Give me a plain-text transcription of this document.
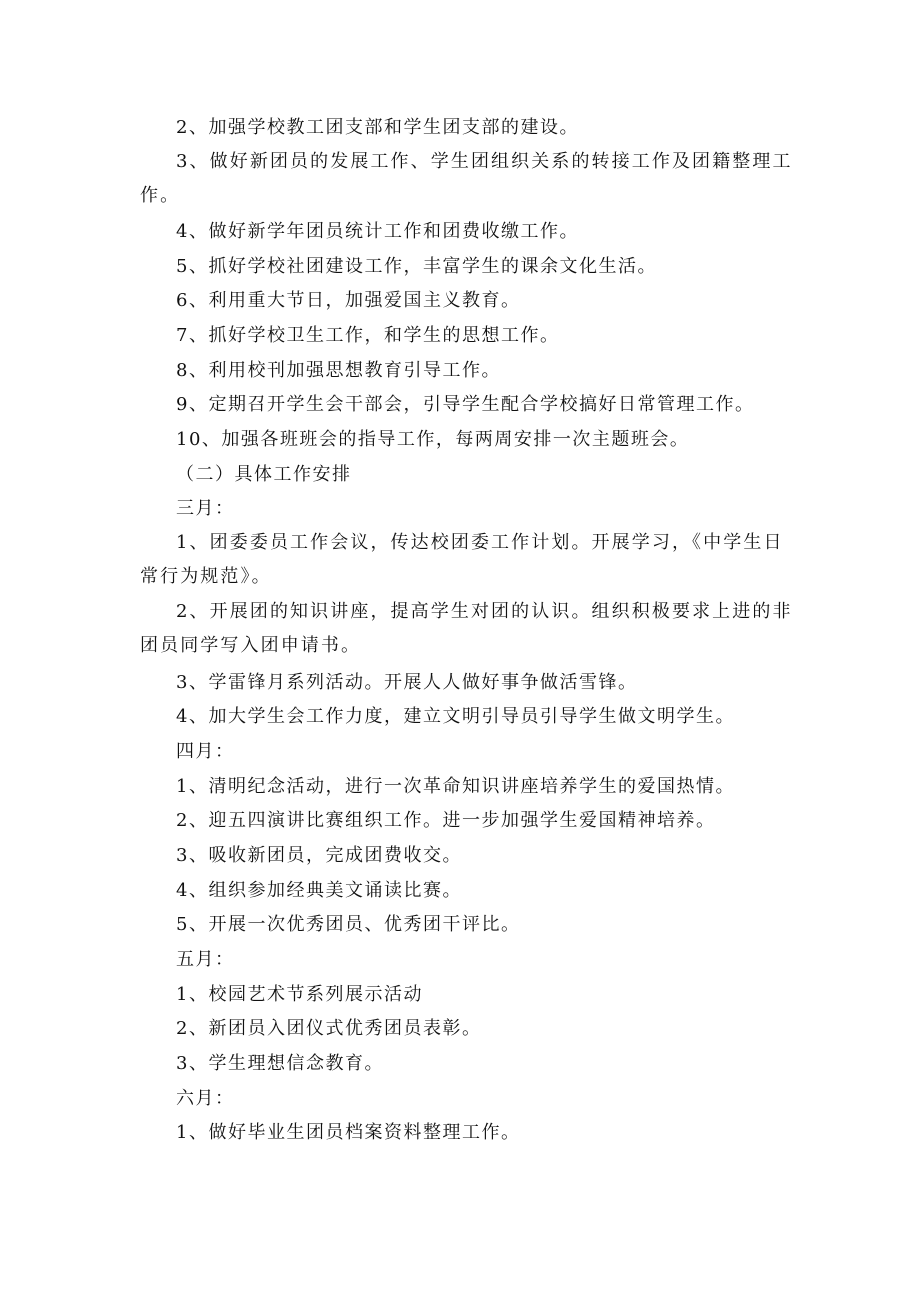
2、加强学校教工团支部和学生团支部的建设。
3、做好新团员的发展工作、学生团组织关系的转接工作及团籍整理工作。
4、做好新学年团员统计工作和团费收缴工作。
5、抓好学校社团建设工作，丰富学生的课余文化生活。
6、利用重大节日，加强爱国主义教育。
7、抓好学校卫生工作，和学生的思想工作。
8、利用校刊加强思想教育引导工作。
9、定期召开学生会干部会，引导学生配合学校搞好日常管理工作。
10、加强各班班会的指导工作，每两周安排一次主题班会。
（二）具体工作安排
三月：
1、团委委员工作会议，传达校团委工作计划。开展学习，《中学生日常行为规范》。
2、开展团的知识讲座，提高学生对团的认识。组织积极要求上进的非团员同学写入团申请书。
3、学雷锋月系列活动。开展人人做好事争做活雪锋。
4、加大学生会工作力度，建立文明引导员引导学生做文明学生。
四月：
1、清明纪念活动，进行一次革命知识讲座培养学生的爱国热情。
2、迎五四演讲比赛组织工作。进一步加强学生爱国精神培养。
3、吸收新团员，完成团费收交。
4、组织参加经典美文诵读比赛。
5、开展一次优秀团员、优秀团干评比。
五月：
1、校园艺术节系列展示活动
2、新团员入团仪式优秀团员表彰。
3、学生理想信念教育。
六月：
1、做好毕业生团员档案资料整理工作。
